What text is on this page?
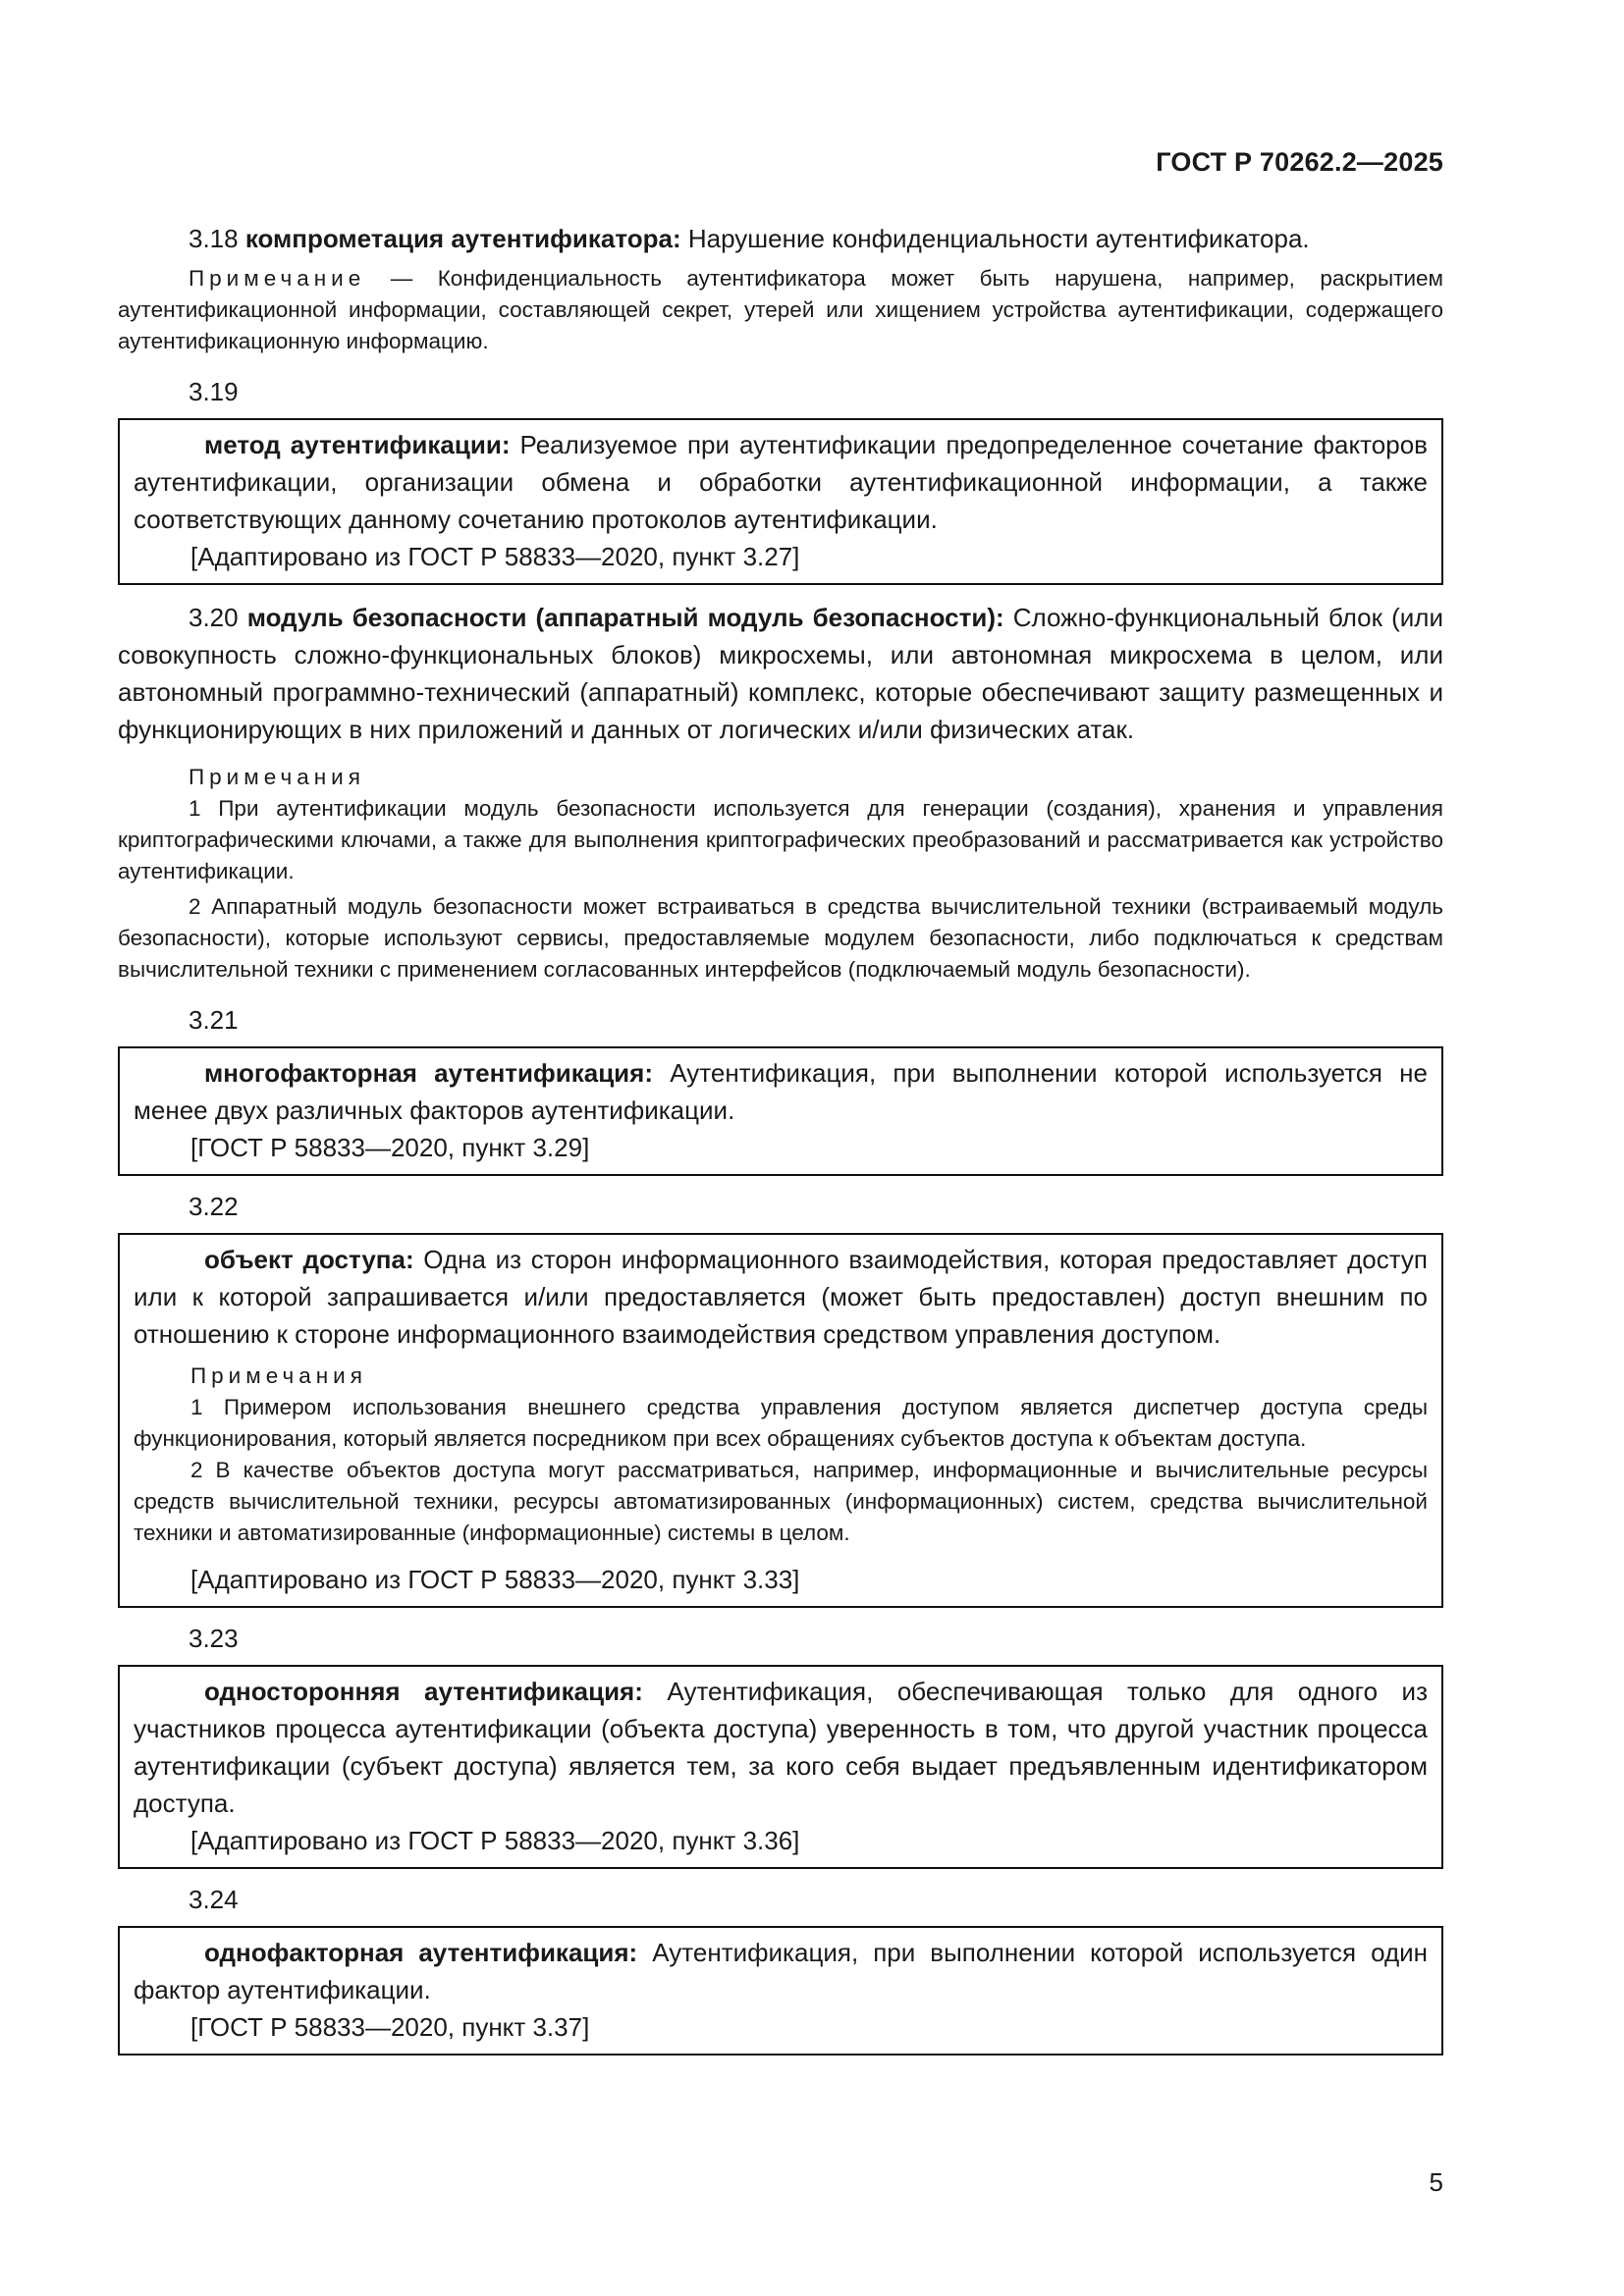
ГОСТ Р 70262.2—2025

3.18 компрометация аутентификатора: Нарушение конфиденциальности аутентификатора.

Примечание — Конфиденциальность аутентификатора может быть нарушена, например, раскрытием аутентификационной информации, составляющей секрет, утерей или хищением устройства аутентификации, содержащего аутентификационную информацию.

3.19

метод аутентификации: Реализуемое при аутентификации предопределенное сочетание факторов аутентификации, организации обмена и обработки аутентификационной информации, а также соответствующих данному сочетанию протоколов аутентификации.

[Адаптировано из ГОСТ Р 58833—2020, пункт 3.27]

3.20 модуль безопасности (аппаратный модуль безопасности): Сложно-функциональный блок (или совокупность сложно-функциональных блоков) микросхемы, или автономная микросхема в целом, или автономный программно-технический (аппаратный) комплекс, которые обеспечивают защиту размещенных и функционирующих в них приложений и данных от логических и/или физических атак.

Примечания

1 При аутентификации модуль безопасности используется для генерации (создания), хранения и управления криптографическими ключами, а также для выполнения криптографических преобразований и рассматривается как устройство аутентификации.

2 Аппаратный модуль безопасности может встраиваться в средства вычислительной техники (встраиваемый модуль безопасности), которые используют сервисы, предоставляемые модулем безопасности, либо подключаться к средствам вычислительной техники с применением согласованных интерфейсов (подключаемый модуль безопасности).

3.21

многофакторная аутентификация: Аутентификация, при выполнении которой используется не менее двух различных факторов аутентификации.

[ГОСТ Р 58833—2020, пункт 3.29]

3.22

объект доступа: Одна из сторон информационного взаимодействия, которая предоставляет доступ или к которой запрашивается и/или предоставляется (может быть предоставлен) доступ внешним по отношению к стороне информационного взаимодействия средством управления доступом.

Примечания

1 Примером использования внешнего средства управления доступом является диспетчер доступа среды функционирования, который является посредником при всех обращениях субъектов доступа к объектам доступа.

2 В качестве объектов доступа могут рассматриваться, например, информационные и вычислительные ресурсы средств вычислительной техники, ресурсы автоматизированных (информационных) систем, средства вычислительной техники и автоматизированные (информационные) системы в целом.

[Адаптировано из ГОСТ Р 58833—2020, пункт 3.33]

3.23

односторонняя аутентификация: Аутентификация, обеспечивающая только для одного из участников процесса аутентификации (объекта доступа) уверенность в том, что другой участник процесса аутентификации (субъект доступа) является тем, за кого себя выдает предъявленным идентификатором доступа.

[Адаптировано из ГОСТ Р 58833—2020, пункт 3.36]

3.24

однофакторная аутентификация: Аутентификация, при выполнении которой используется один фактор аутентификации.

[ГОСТ Р 58833—2020, пункт 3.37]

5
